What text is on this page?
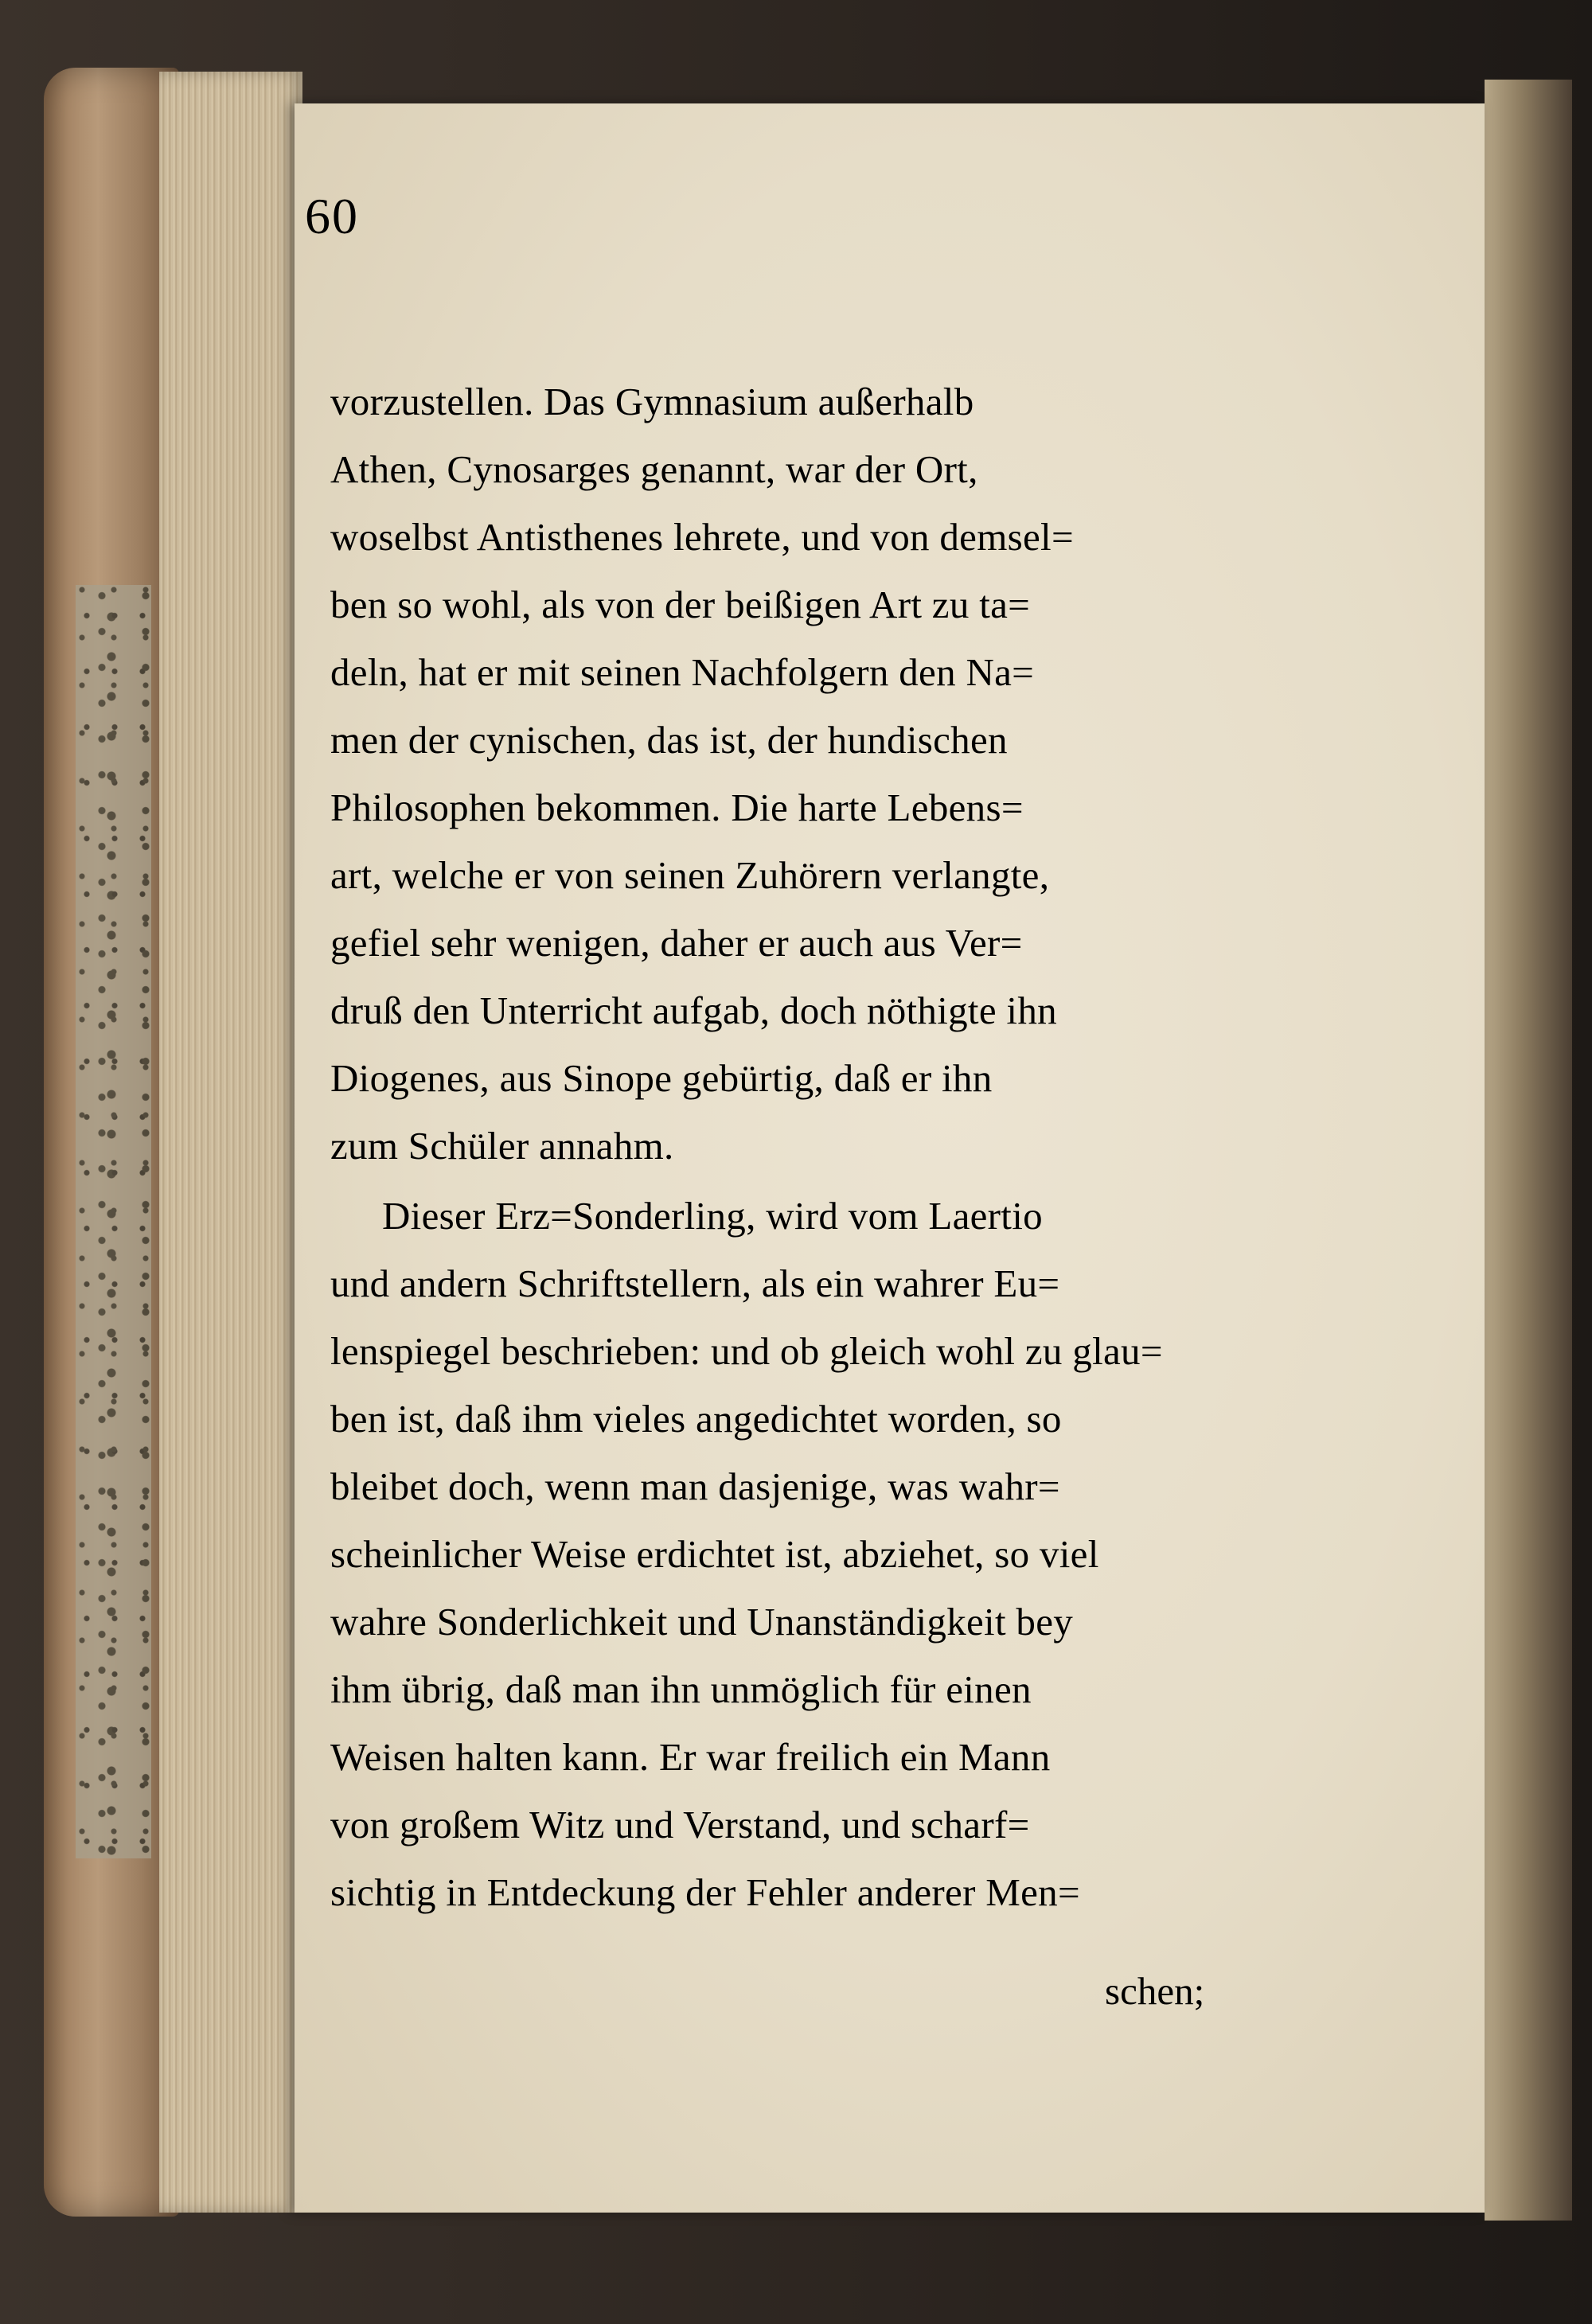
60
vorzustellen. Das Gymnasium außerhalb
Athen, Cynosarges genannt, war der Ort,
woselbst Antisthenes lehrete, und von demsel=
ben so wohl, als von der beißigen Art zu ta=
deln, hat er mit seinen Nachfolgern den Na=
men der cynischen, das ist, der hundischen
Philosophen bekommen. Die harte Lebens=
art, welche er von seinen Zuhörern verlangte,
gefiel sehr wenigen, daher er auch aus Ver=
druß den Unterricht aufgab, doch nöthigte ihn
Diogenes, aus Sinope gebürtig, daß er ihn
zum Schüler annahm.
Dieser Erz=Sonderling, wird vom Laertio
und andern Schriftstellern, als ein wahrer Eu=
lenspiegel beschrieben: und ob gleich wohl zu glau=
ben ist, daß ihm vieles angedichtet worden, so
bleibet doch, wenn man dasjenige, was wahr=
scheinlicher Weise erdichtet ist, abziehet, so viel
wahre Sonderlichkeit und Unanständigkeit bey
ihm übrig, daß man ihn unmöglich für einen
Weisen halten kann. Er war freilich ein Mann
von großem Witz und Verstand, und scharf=
sichtig in Entdeckung der Fehler anderer Men=
schen;
